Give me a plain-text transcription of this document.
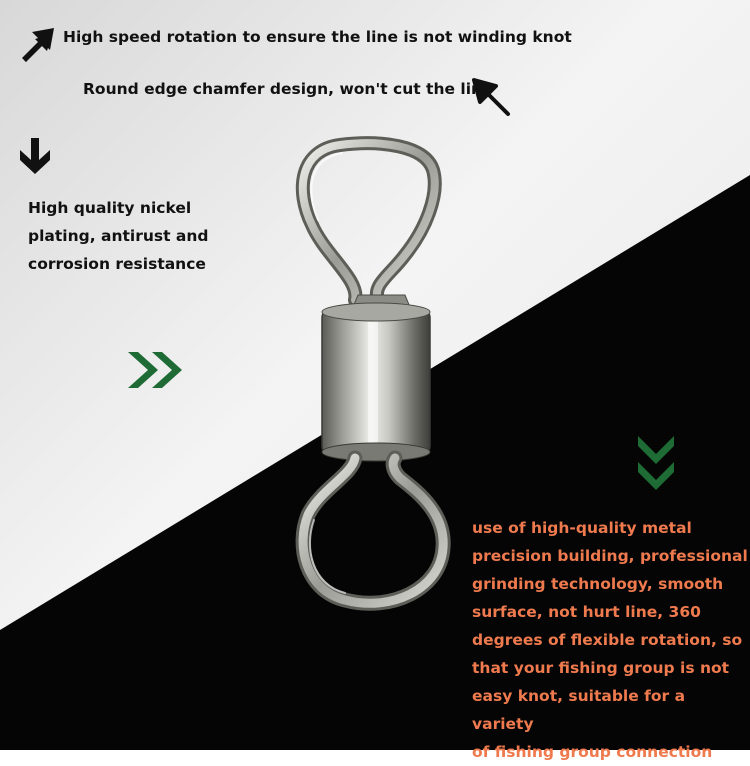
High speed rotation to ensure the line is not winding knot

Round edge chamfer design, won't cut the line

High quality nickel
plating, antirust and
corrosion resistance
use of high-quality metal
precision building, professional
grinding technology, smooth
surface, not hurt line, 360
degrees of flexible rotation, so
that your fishing group is not
easy knot, suitable for a variety
of fishing group connection
